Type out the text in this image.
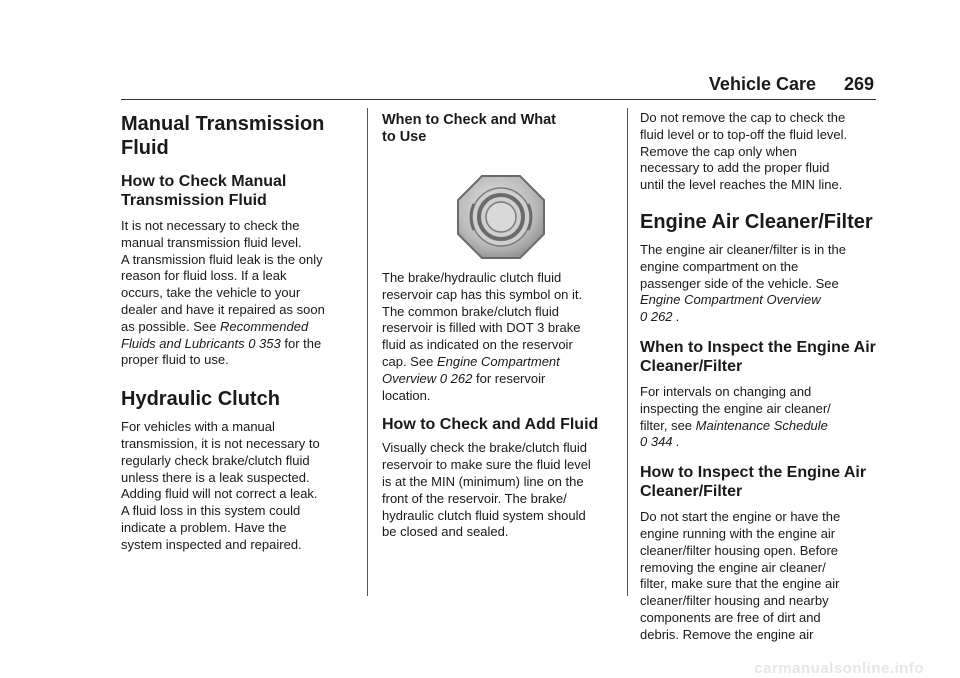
Vehicle Care 269
Manual Transmission
Fluid
How to Check Manual
Transmission Fluid

It is not necessary to check the
manual transmission fluid level.
A transmission fluid leak is the only
reason for fluid loss. If a leak
occurs, take the vehicle to your
dealer and have it repaired as soon
as possible. See Recommended
Fluids and Lubricants 0 353 for the
proper fluid to use.

Hydraulic Clutch

For vehicles with a manual
transmission, it is not necessary to
regularly check brake/clutch fluid
unless there is a leak suspected.
Adding fluid will not correct a leak.
A fluid loss in this system could
indicate a problem. Have the
system inspected and repaired.

When to Check and What
to Use

The brake/hydraulic clutch fluid
reservoir cap has this symbol on it.
The common brake/clutch fluid
reservoir is filled with DOT 3 brake
fluid as indicated on the reservoir
cap. See Engine Compartment
Overview 0 262 for reservoir
location.

How to Check and Add Fluid

Visually check the brake/clutch fluid
reservoir to make sure the fluid level
is at the MIN (minimum) line on the
front of the reservoir. The brake/
hydraulic clutch fluid system should
be closed and sealed.

Do not remove the cap to check the
fluid level or to top-off the fluid level.
Remove the cap only when
necessary to add the proper fluid
until the level reaches the MIN line.

Engine Air Cleaner/Filter

The engine air cleaner/filter is in the
engine compartment on the
passenger side of the vehicle. See
Engine Compartment Overview
0 262 .

When to Inspect the Engine Air
Cleaner/Filter

For intervals on changing and
inspecting the engine air cleaner/
filter, see Maintenance Schedule
0 344 .

How to Inspect the Engine Air
Cleaner/Filter

Do not start the engine or have the
engine running with the engine air
cleaner/filter housing open. Before
removing the engine air cleaner/
filter, make sure that the engine air
cleaner/filter housing and nearby
components are free of dirt and
debris. Remove the engine air

carmanualsonline.info
